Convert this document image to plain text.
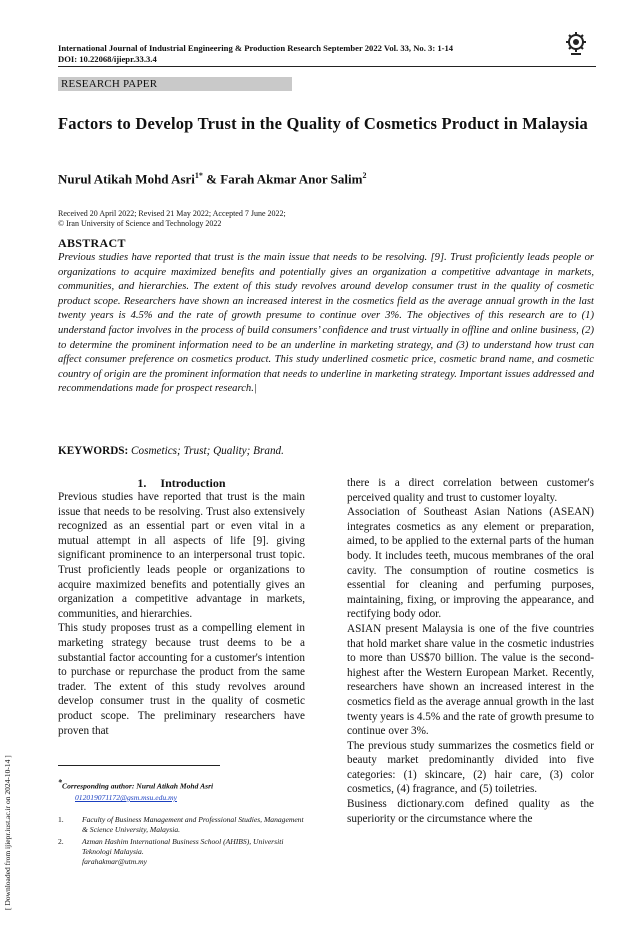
International Journal of Industrial Engineering & Production Research September 2022 Vol. 33, No. 3: 1-14
DOI: 10.22068/ijiepr.33.3.4
RESEARCH PAPER
Factors to Develop Trust in the Quality of Cosmetics Product in Malaysia
Nurul Atikah Mohd Asri$^{1*}$ & Farah Akmar Anor Salim$^2$
Received 20 April 2022; Revised 21 May 2022; Accepted 7 June 2022;
© Iran University of Science and Technology 2022
ABSTRACT
Previous studies have reported that trust is the main issue that needs to be resolving. [9]. Trust proficiently leads people or organizations to acquire maximized benefits and potentially gives an organization a competitive advantage in markets, communities, and hierarchies. The extent of this study revolves around develop consumer trust in the quality of cosmetic product scope. Researchers have shown an increased interest in the cosmetics field as the average annual growth in the last twenty years is 4.5% and the rate of growth presume to continue over 3%. The objectives of this research are to (1) understand factor involves in the process of build consumers’ confidence and trust virtually in offline and online business, (2) to determine the prominent information need to be an underline in marketing strategy, and (3) to understand how trust can affect consumer preference on cosmetics product. This study underlined cosmetic price, cosmetic brand name, and cosmetic country of origin are the prominent information that needs to underline in marketing strategy. Important issues addressed and recommendations made for prospect research.|
KEYWORDS: Cosmetics; Trust; Quality; Brand.
1. Introduction

Previous studies have reported that trust is the main issue that needs to be resolving. Trust also extensively recognized as an essential part or even vital in a mutual attempt in all aspects of life [9]. giving significant prominence to an interpersonal trust topic. Trust proficiently leads people or organizations to acquire maximized benefits and potentially gives an organization a competitive advantage in markets, communities, and hierarchies.

This study proposes trust as a compelling element in marketing strategy because trust deems to be a substantial factor accounting for a customer's intention to purchase or repurchase the product from the same trader. The extent of this study revolves around develop consumer trust in the quality of cosmetic product scope. The preliminary researchers have proven that

there is a direct correlation between customer's perceived quality and trust to customer loyalty.

Association of Southeast Asian Nations (ASEAN) integrates cosmetics as any element or preparation, aimed, to be applied to the external parts of the human body. It includes teeth, mucous membranes of the oral cavity. The consumption of routine cosmetics is essential for cleaning and perfuming purposes, maintaining, fixing, or improving the appearance, and rectifying body odor.

ASIAN present Malaysia is one of the five countries that hold market share value in the cosmetic industries to more than US$70 billion. The value is the second-highest after the Western European Market. Recently, researchers have shown an increased interest in the cosmetics field as the average annual growth in the last twenty years is 4.5% and the rate of growth presume to continue over 3%.

The previous study summarizes the cosmetics field or beauty market predominantly divided into five categories: (1) skincare, (2) hair care, (3) color cosmetics, (4) fragrance, and (5) toiletries.

Business dictionary.com defined quality as the superiority or the circumstance where the

*Corresponding author: Nurul Atikah Mohd Asri
012019071172@gsm.msu.edu.my
1. Faculty of Business Management and Professional Studies, Management & Science University, Malaysia.
2. Azman Hashim International Business School (AHIBS), Universiti Teknologi Malaysia.
farahakmar@utm.my
[ Downloaded from ijiepr.iust.ac.ir on 2024-10-14 ]
